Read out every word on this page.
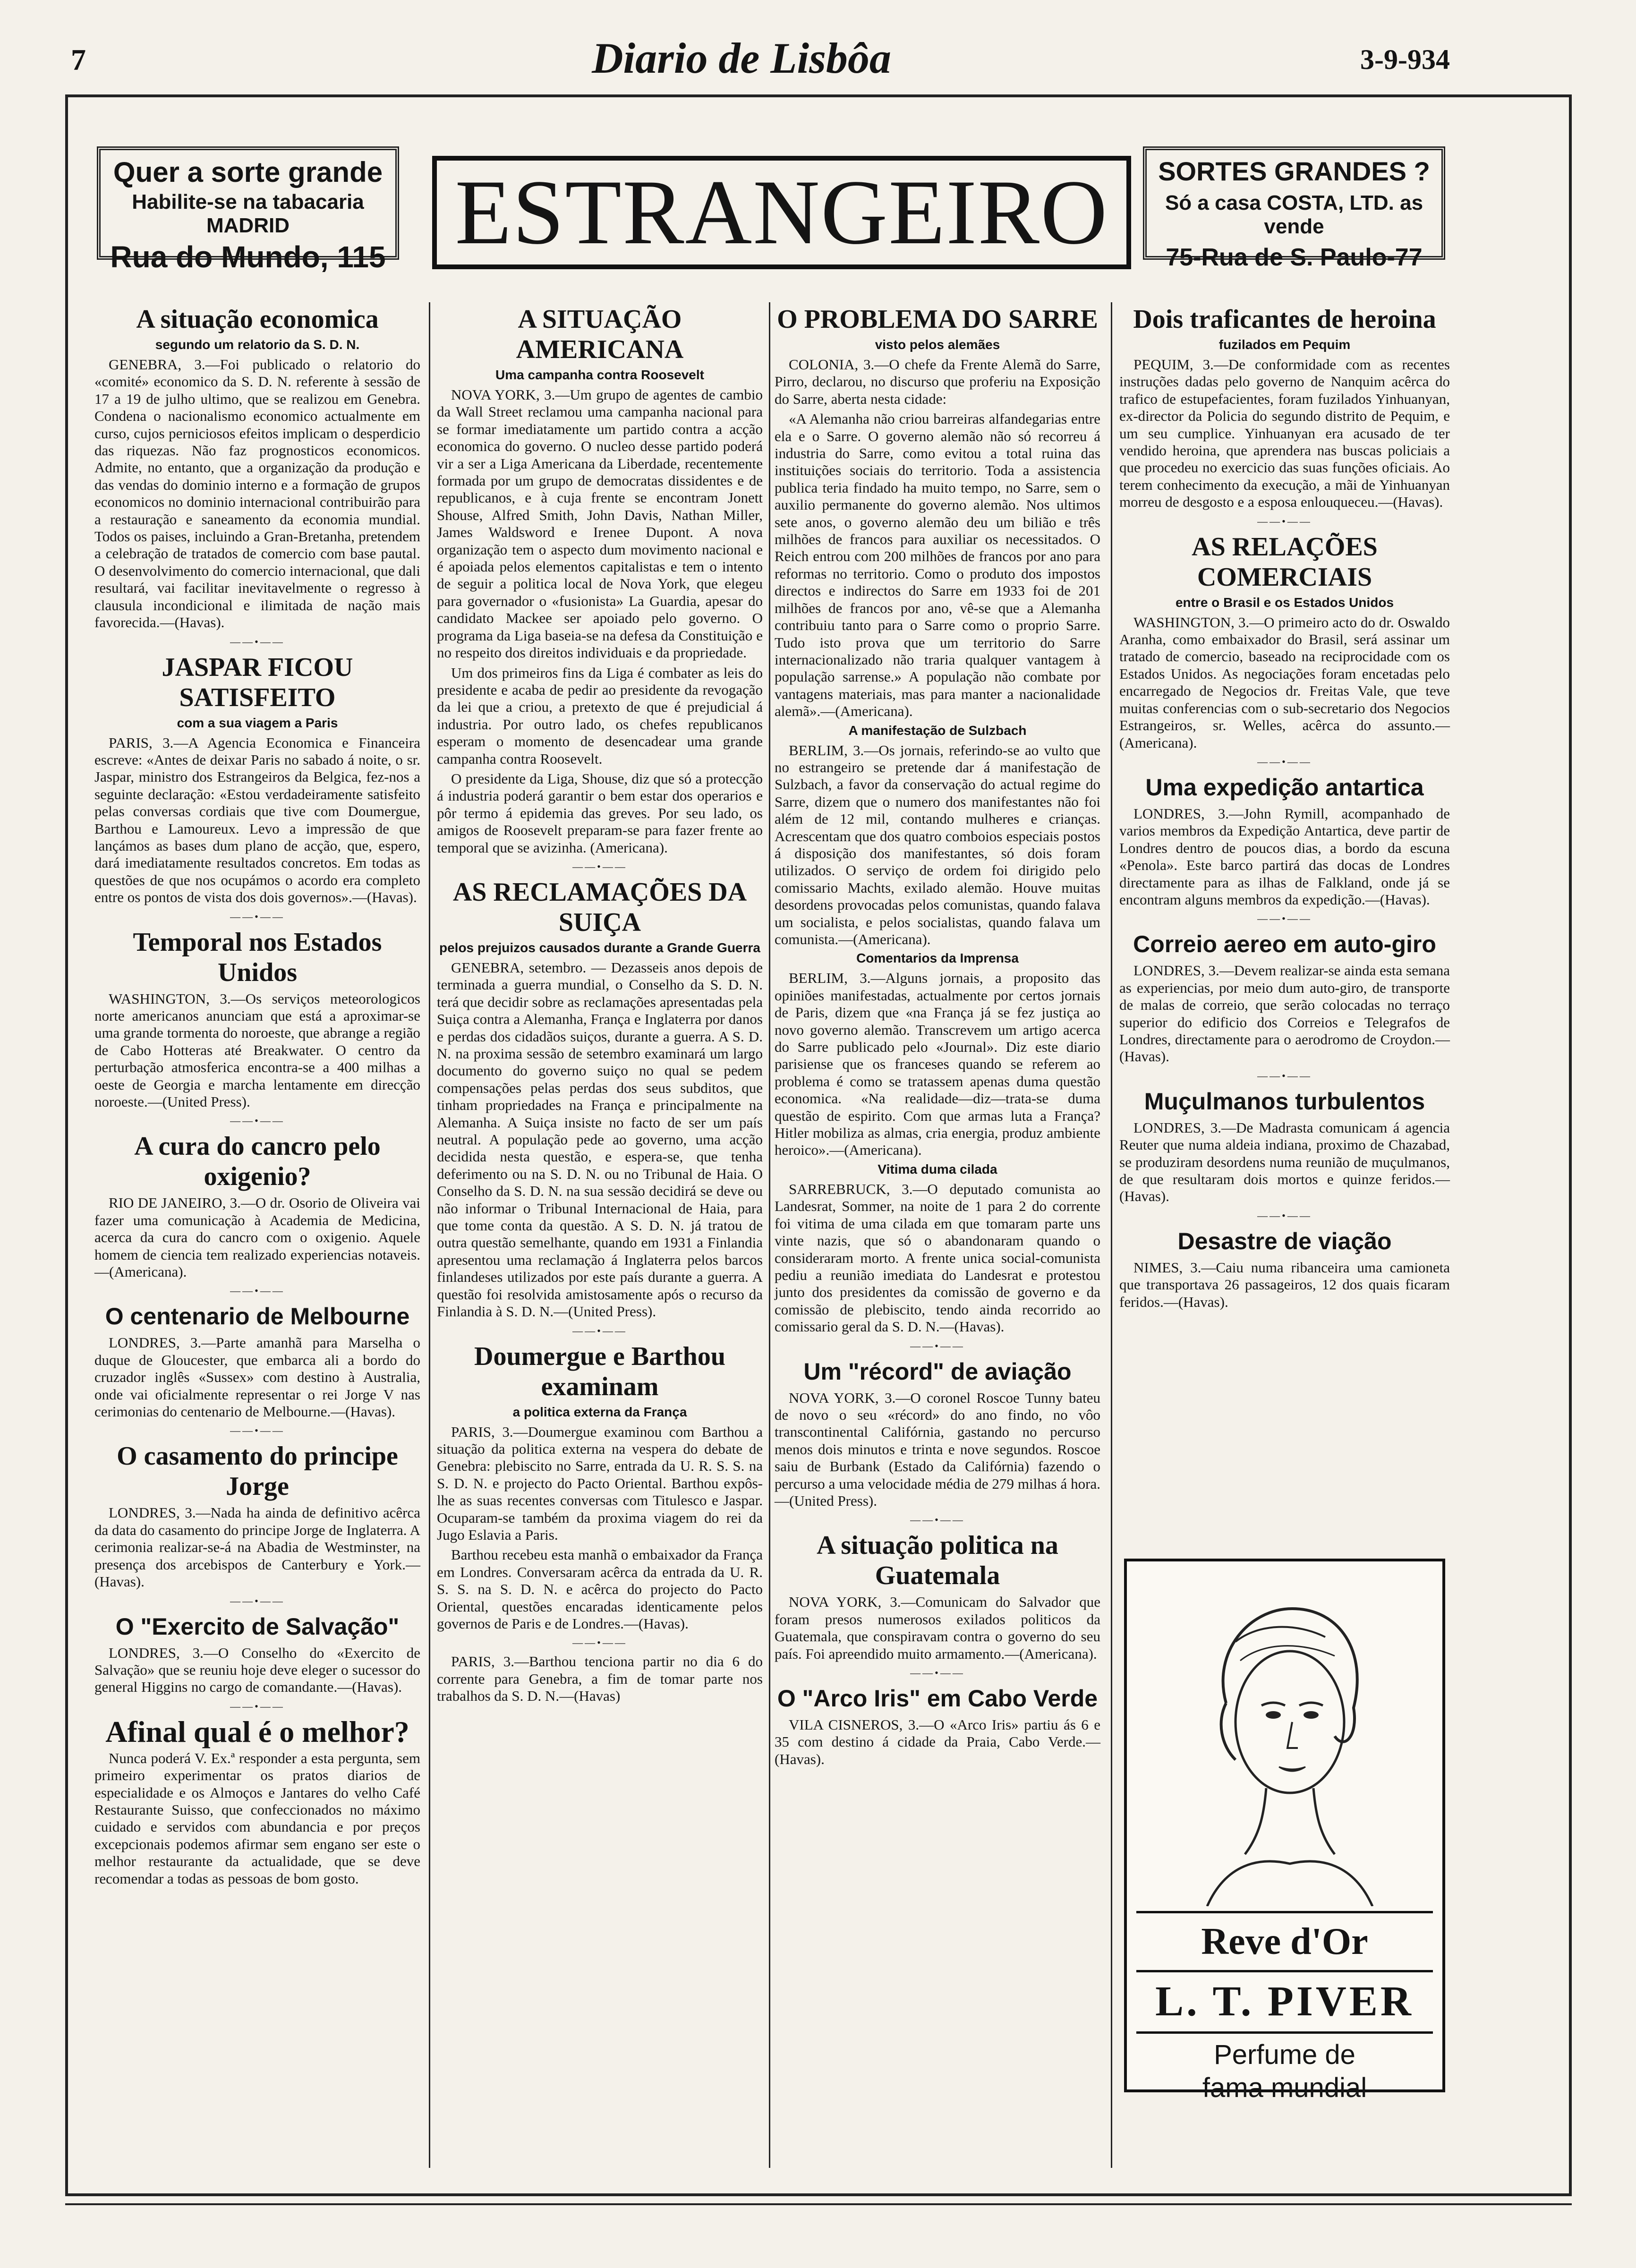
7	Diario de Lisbôa	3-9-934
Quer a sorte grande
Habilite-se na tabacaria MADRID
Rua do Mundo, 115 ESTRANGEIRO	SORTES GRANDES ?
Só a casa COSTA, LTD. as vende
75-Rua de S. Paulo-77
A situação economica
segundo um relatorio da S. D. N.

GENEBRA, 3.—Foi publicado o relatorio do «comité» economico da S. D. N. referente à sessão de 17 a 19 de julho ultimo, que se realizou em Genebra. Condena o nacionalismo economico actualmente em curso, cujos perniciosos efeitos implicam o desperdicio das riquezas. Não faz prognosticos economicos. Admite, no entanto, que a organização da produção e das vendas do dominio interno e a formação de grupos economicos no dominio internacional contribuirão para a restauração e saneamento da economia mundial. Todos os paises, incluindo a Gran-Bretanha, pretendem a celebração de tratados de comercio com base pautal. O desenvolvimento do comercio internacional, que dali resultará, vai facilitar inevitavelmente o regresso à clausula incondicional e ilimitada de nação mais favorecida.—(Havas).

——•——
JASPAR FICOU SATISFEITO
com a sua viagem a Paris

PARIS, 3.—A Agencia Economica e Financeira escreve: «Antes de deixar Paris no sabado á noite, o sr. Jaspar, ministro dos Estrangeiros da Belgica, fez-nos a seguinte declaração: «Estou verdadeiramente satisfeito pelas conversas cordiais que tive com Doumergue, Barthou e Lamoureux. Levo a impressão de que lançámos as bases dum plano de acção, que, espero, dará imediatamente resultados concretos. Em todas as questões de que nos ocupámos o acordo era completo entre os pontos de vista dos dois governos».—(Havas).

——•——
Temporal nos Estados Unidos

WASHINGTON, 3.—Os serviços meteorologicos norte americanos anunciam que está a aproximar-se uma grande tormenta do noroeste, que abrange a região de Cabo Hotteras até Breakwater. O centro da perturbação atmosferica encontra-se a 400 milhas a oeste de Georgia e marcha lentamente em direcção noroeste.—(United Press).

——•——
A cura do cancro pelo oxigenio?

RIO DE JANEIRO, 3.—O dr. Osorio de Oliveira vai fazer uma comunicação à Academia de Medicina, acerca da cura do cancro com o oxigenio. Aquele homem de ciencia tem realizado experiencias notaveis.—(Americana).

——•——
O centenario de Melbourne

LONDRES, 3.—Parte amanhã para Marselha o duque de Gloucester, que embarca ali a bordo do cruzador inglês «Sussex» com destino à Australia, onde vai oficialmente representar o rei Jorge V nas cerimonias do centenario de Melbourne.—(Havas).

——•——
O casamento do principe Jorge

LONDRES, 3.—Nada ha ainda de definitivo acêrca da data do casamento do principe Jorge de Inglaterra. A cerimonia realizar-se-á na Abadia de Westminster, na presença dos arcebispos de Canterbury e York.—(Havas).

——•——
O "Exercito de Salvação"

LONDRES, 3.—O Conselho do «Exercito de Salvação» que se reuniu hoje deve eleger o sucessor do general Higgins no cargo de comandante.—(Havas).

——•——
Afinal qual é o melhor?

Nunca poderá V. Ex.ª responder a esta pergunta, sem primeiro experimentar os pratos diarios de especialidade e os Almoços e Jantares do velho Café Restaurante Suisso, que confeccionados no máximo cuidado e servidos com abundancia e por preços excepcionais podemos afirmar sem engano ser este o melhor restaurante da actualidade, que se deve recomendar a todas as pessoas de bom gosto.

A SITUAÇÃO AMERICANA
Uma campanha contra Roosevelt

NOVA YORK, 3.—Um grupo de agentes de cambio da Wall Street reclamou uma campanha nacional para se formar imediatamente um partido contra a acção economica do governo. O nucleo desse partido poderá vir a ser a Liga Americana da Liberdade, recentemente formada por um grupo de democratas dissidentes e de republicanos, e à cuja frente se encontram Jonett Shouse, Alfred Smith, John Davis, Nathan Miller, James Waldsword e Irenee Dupont. A nova organização tem o aspecto dum movimento nacional e é apoiada pelos elementos capitalistas e tem o intento de seguir a politica local de Nova York, que elegeu para governador o «fusionista» La Guardia, apesar do candidato Mackee ser apoiado pelo governo. O programa da Liga baseia-se na defesa da Constituição e no respeito dos direitos individuais e da propriedade.

Um dos primeiros fins da Liga é combater as leis do presidente e acaba de pedir ao presidente da revogação da lei que a criou, a pretexto de que é prejudicial á industria. Por outro lado, os chefes republicanos esperam o momento de desencadear uma grande campanha contra Roosevelt.

O presidente da Liga, Shouse, diz que só a protecção á industria poderá garantir o bem estar dos operarios e pôr termo á epidemia das greves. Por seu lado, os amigos de Roosevelt preparam-se para fazer frente ao temporal que se avizinha. (Americana).

——•——
AS RECLAMAÇÕES DA SUIÇA
pelos prejuizos causados durante a Grande Guerra

GENEBRA, setembro. — Dezasseis anos depois de terminada a guerra mundial, o Conselho da S. D. N. terá que decidir sobre as reclamações apresentadas pela Suiça contra a Alemanha, França e Inglaterra por danos e perdas dos cidadãos suiços, durante a guerra. A S. D. N. na proxima sessão de setembro examinará um largo documento do governo suiço no qual se pedem compensações pelas perdas dos seus subditos, que tinham propriedades na França e principalmente na Alemanha. A Suiça insiste no facto de ser um país neutral. A população pede ao governo, uma acção decidida nesta questão, e espera-se, que tenha deferimento ou na S. D. N. ou no Tribunal de Haia. O Conselho da S. D. N. na sua sessão decidirá se deve ou não informar o Tribunal Internacional de Haia, para que tome conta da questão. A S. D. N. já tratou de outra questão semelhante, quando em 1931 a Finlandia apresentou uma reclamação á Inglaterra pelos barcos finlandeses utilizados por este país durante a guerra. A questão foi resolvida amistosamente após o recurso da Finlandia à S. D. N.—(United Press).

——•——
Doumergue e Barthou examinam
a politica externa da França

PARIS, 3.—Doumergue examinou com Barthou a situação da politica externa na vespera do debate de Genebra: plebiscito no Sarre, entrada da U. R. S. S. na S. D. N. e projecto do Pacto Oriental. Barthou expôs-lhe as suas recentes conversas com Titulesco e Jaspar. Ocuparam-se também da proxima viagem do rei da Jugo Eslavia a Paris.

Barthou recebeu esta manhã o embaixador da França em Londres. Conversaram acêrca da entrada da U. R. S. S. na S. D. N. e acêrca do projecto do Pacto Oriental, questões encaradas identicamente pelos governos de Paris e de Londres.—(Havas).

——•——

PARIS, 3.—Barthou tenciona partir no dia 6 do corrente para Genebra, a fim de tomar parte nos trabalhos da S. D. N.—(Havas)

O PROBLEMA DO SARRE
visto pelos alemães

COLONIA, 3.—O chefe da Frente Alemã do Sarre, Pirro, declarou, no discurso que proferiu na Exposição do Sarre, aberta nesta cidade:

«A Alemanha não criou barreiras alfandegarias entre ela e o Sarre. O governo alemão não só recorreu á industria do Sarre, como evitou a total ruina das instituições sociais do territorio. Toda a assistencia publica teria findado ha muito tempo, no Sarre, sem o auxilio permanente do governo alemão. Nos ultimos sete anos, o governo alemão deu um bilião e três milhões de francos para auxiliar os necessitados. O Reich entrou com 200 milhões de francos por ano para reformas no territorio. Como o produto dos impostos directos e indirectos do Sarre em 1933 foi de 201 milhões de francos por ano, vê-se que a Alemanha contribuiu tanto para o Sarre como o proprio Sarre. Tudo isto prova que um territorio do Sarre internacionalizado não traria qualquer vantagem à população sarrense.» A população não combate por vantagens materiais, mas para manter a nacionalidade alemã».—(Americana).

A manifestação de Sulzbach

BERLIM, 3.—Os jornais, referindo-se ao vulto que no estrangeiro se pretende dar á manifestação de Sulzbach, a favor da conservação do actual regime do Sarre, dizem que o numero dos manifestantes não foi além de 12 mil, contando mulheres e crianças. Acrescentam que dos quatro comboios especiais postos á disposição dos manifestantes, só dois foram utilizados. O serviço de ordem foi dirigido pelo comissario Machts, exilado alemão. Houve muitas desordens provocadas pelos comunistas, quando falava um socialista, e pelos socialistas, quando falava um comunista.—(Americana).

Comentarios da Imprensa

BERLIM, 3.—Alguns jornais, a proposito das opiniões manifestadas, actualmente por certos jornais de Paris, dizem que «na França já se fez justiça ao novo governo alemão. Transcrevem um artigo acerca do Sarre publicado pelo «Journal». Diz este diario parisiense que os franceses quando se referem ao problema é como se tratassem apenas duma questão economica. «Na realidade—diz—trata-se duma questão de espirito. Com que armas luta a França? Hitler mobiliza as almas, cria energia, produz ambiente heroico».—(Americana).

Vitima duma cilada

SARREBRUCK, 3.—O deputado comunista ao Landesrat, Sommer, na noite de 1 para 2 do corrente foi vitima de uma cilada em que tomaram parte uns vinte nazis, que só o abandonaram quando o consideraram morto. A frente unica social-comunista pediu a reunião imediata do Landesrat e protestou junto dos presidentes da comissão de governo e da comissão de plebiscito, tendo ainda recorrido ao comissario geral da S. D. N.—(Havas).

——•——
Um "récord" de aviação

NOVA YORK, 3.—O coronel Roscoe Tunny bateu de novo o seu «récord» do ano findo, no vôo transcontinental Califórnia, gastando no percurso menos dois minutos e trinta e nove segundos. Roscoe saiu de Burbank (Estado da Califórnia) fazendo o percurso a uma velocidade média de 279 milhas á hora.—(United Press).

——•——
A situação politica na Guatemala

NOVA YORK, 3.—Comunicam do Salvador que foram presos numerosos exilados politicos da Guatemala, que conspiravam contra o governo do seu país. Foi apreendido muito armamento.—(Americana).

——•——
O "Arco Iris" em Cabo Verde

VILA CISNEROS, 3.—O «Arco Iris» partiu ás 6 e 35 com destino á cidade da Praia, Cabo Verde.—(Havas).

Dois traficantes de heroina
fuzilados em Pequim

PEQUIM, 3.—De conformidade com as recentes instruções dadas pelo governo de Nanquim acêrca do trafico de estupefacientes, foram fuzilados Yinhuanyan, ex-director da Policia do segundo distrito de Pequim, e um seu cumplice. Yinhuanyan era acusado de ter vendido heroina, que aprendera nas buscas policiais a que procedeu no exercicio das suas funções oficiais. Ao terem conhecimento da execução, a mãi de Yinhuanyan morreu de desgosto e a esposa enlouqueceu.—(Havas).

——•——
AS RELAÇÕES COMERCIAIS
entre o Brasil e os Estados Unidos

WASHINGTON, 3.—O primeiro acto do dr. Oswaldo Aranha, como embaixador do Brasil, será assinar um tratado de comercio, baseado na reciprocidade com os Estados Unidos. As negociações foram encetadas pelo encarregado de Negocios dr. Freitas Vale, que teve muitas conferencias com o sub-secretario dos Negocios Estrangeiros, sr. Welles, acêrca do assunto.—(Americana).

——•——
Uma expedição antartica

LONDRES, 3.—John Rymill, acompanhado de varios membros da Expedição Antartica, deve partir de Londres dentro de poucos dias, a bordo da escuna «Penola». Este barco partirá das docas de Londres directamente para as ilhas de Falkland, onde já se encontram alguns membros da expedição.—(Havas).

——•——
Correio aereo em auto-giro

LONDRES, 3.—Devem realizar-se ainda esta semana as experiencias, por meio dum auto-giro, de transporte de malas de correio, que serão colocadas no terraço superior do edificio dos Correios e Telegrafos de Londres, directamente para o aerodromo de Croydon.—(Havas).

——•——
Muçulmanos turbulentos

LONDRES, 3.—De Madrasta comunicam á agencia Reuter que numa aldeia indiana, proximo de Chazabad, se produziram desordens numa reunião de muçulmanos, de que resultaram dois mortos e quinze feridos.—(Havas).

——•——
Desastre de viação

NIMES, 3.—Caiu numa ribanceira uma camioneta que transportava 26 passageiros, 12 dos quais ficaram feridos.—(Havas).

Reve d'Or
L. T. PIVER
Perfume de
fama mundial
